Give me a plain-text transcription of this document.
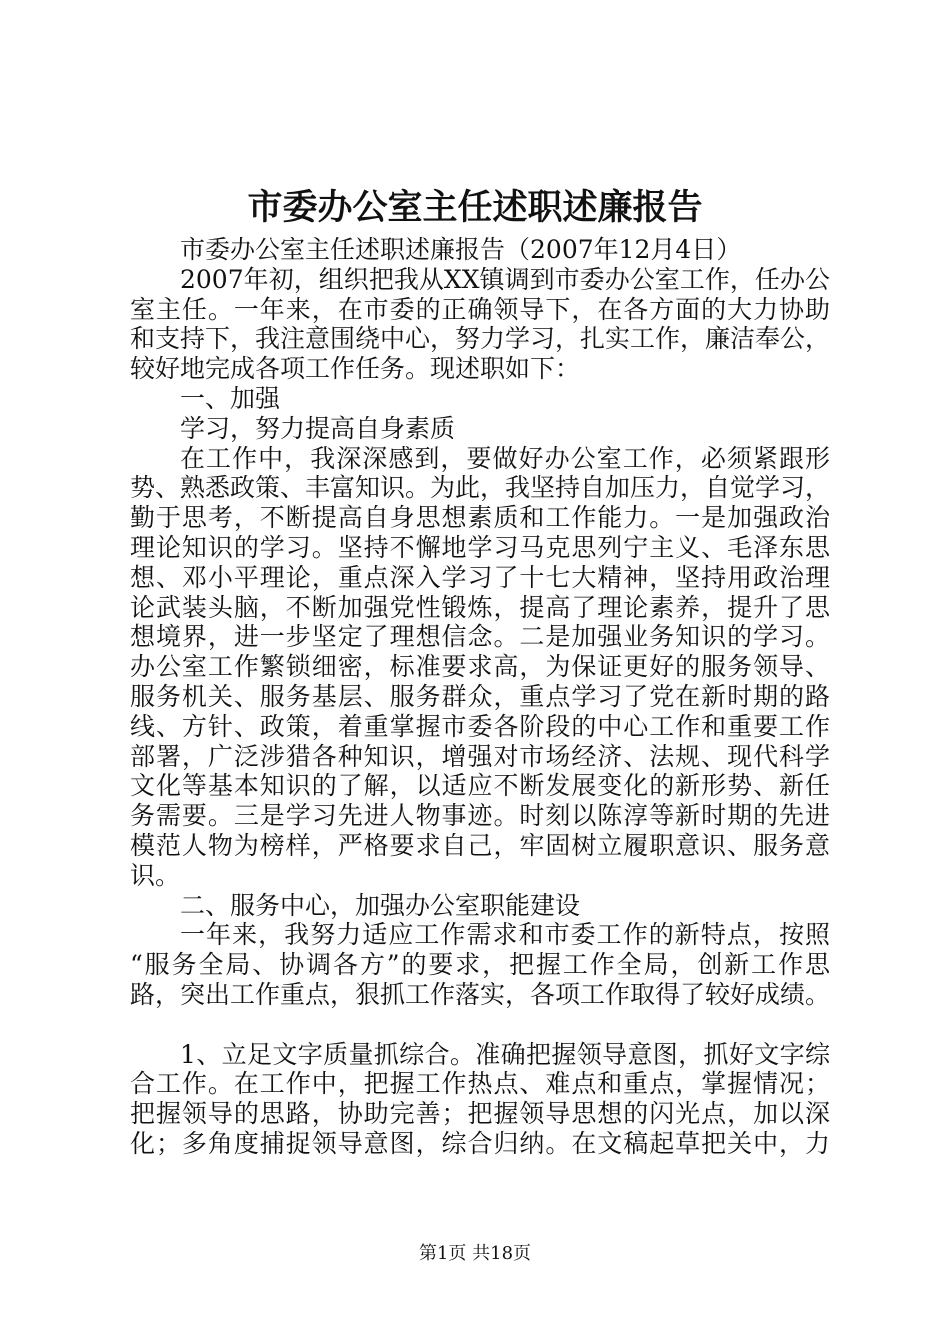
市委办公室主任述职述廉报告
市委办公室主任述职述廉报告（2007年12月4日）
2007年初，组织把我从XX镇调到市委办公室工作，任办公
室主任。一年来，在市委的正确领导下，在各方面的大力协助
和支持下，我注意围绕中心，努力学习，扎实工作，廉洁奉公，
较好地完成各项工作任务。现述职如下：
一、加强
学习，努力提高自身素质
在工作中，我深深感到，要做好办公室工作，必须紧跟形
势、熟悉政策、丰富知识。为此，我坚持自加压力，自觉学习，
勤于思考，不断提高自身思想素质和工作能力。一是加强政治
理论知识的学习。坚持不懈地学习马克思列宁主义、毛泽东思
想、邓小平理论，重点深入学习了十七大精神，坚持用政治理
论武装头脑，不断加强党性锻炼，提高了理论素养，提升了思
想境界，进一步坚定了理想信念。二是加强业务知识的学习。
办公室工作繁锁细密，标准要求高，为保证更好的服务领导、
服务机关、服务基层、服务群众，重点学习了党在新时期的路
线、方针、政策，着重掌握市委各阶段的中心工作和重要工作
部署，广泛涉猎各种知识，增强对市场经济、法规、现代科学
文化等基本知识的了解，以适应不断发展变化的新形势、新任
务需要。三是学习先进人物事迹。时刻以陈淳等新时期的先进
模范人物为榜样，严格要求自己，牢固树立履职意识、服务意
识。
二、服务中心，加强办公室职能建设
一年来，我努力适应工作需求和市委工作的新特点，按照
“服务全局、协调各方”的要求，把握工作全局，创新工作思
路，突出工作重点，狠抓工作落实，各项工作取得了较好成绩。
1、立足文字质量抓综合。准确把握领导意图，抓好文字综
合工作。在工作中，把握工作热点、难点和重点，掌握情况；
把握领导的思路，协助完善；把握领导思想的闪光点，加以深
化；多角度捕捉领导意图，综合归纳。在文稿起草把关中，力
第1页 共18页
